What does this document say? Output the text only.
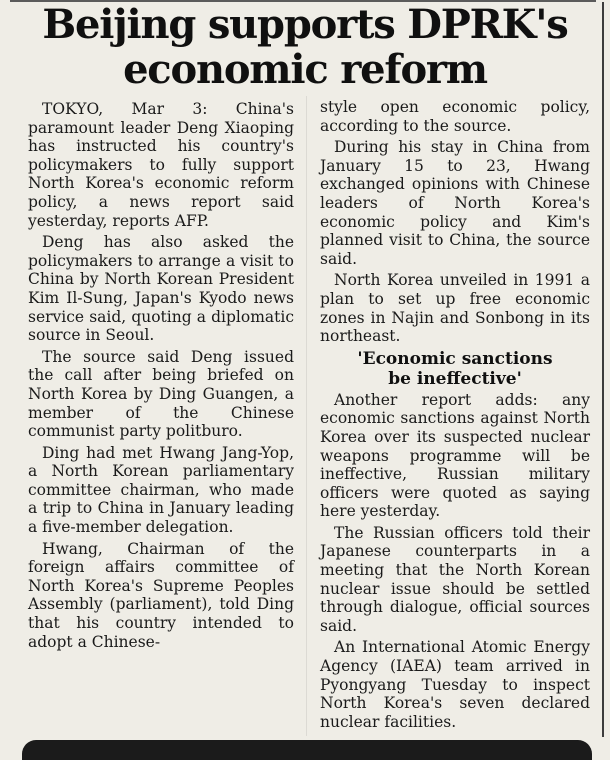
Beijing supports DPRK's
economic reform

TOKYO, Mar 3: China's paramount leader Deng Xiaoping has instructed his country's policymakers to fully support North Korea's economic reform policy, a news report said yesterday, reports AFP.

Deng has also asked the policymakers to arrange a visit to China by North Korean President Kim Il-Sung, Japan's Kyodo news service said, quoting a diplomatic source in Seoul.

The source said Deng issued the call after being briefed on North Korea by Ding Guangen, a member of the Chinese communist party politburo.

Ding had met Hwang Jang-Yop, a North Korean parliamentary committee chairman, who made a trip to China in January leading a five-member delegation.

Hwang, Chairman of the foreign affairs committee of North Korea's Supreme Peoples Assembly (parliament), told Ding that his country intended to adopt a Chinese-

style open economic policy, according to the source.

During his stay in China from January 15 to 23, Hwang exchanged opinions with Chinese leaders of North Korea's economic policy and Kim's planned visit to China, the source said.

North Korea unveiled in 1991 a plan to set up free economic zones in Najin and Sonbong in its northeast.

'Economic sanctions
be ineffective'

Another report adds: any economic sanctions against North Korea over its suspected nuclear weapons programme will be ineffective, Russian military officers were quoted as saying here yesterday.

The Russian officers told their Japanese counterparts in a meeting that the North Korean nuclear issue should be settled through dialogue, official sources said.

An International Atomic Energy Agency (IAEA) team arrived in Pyongyang Tuesday to inspect North Korea's seven declared nuclear facilities.
